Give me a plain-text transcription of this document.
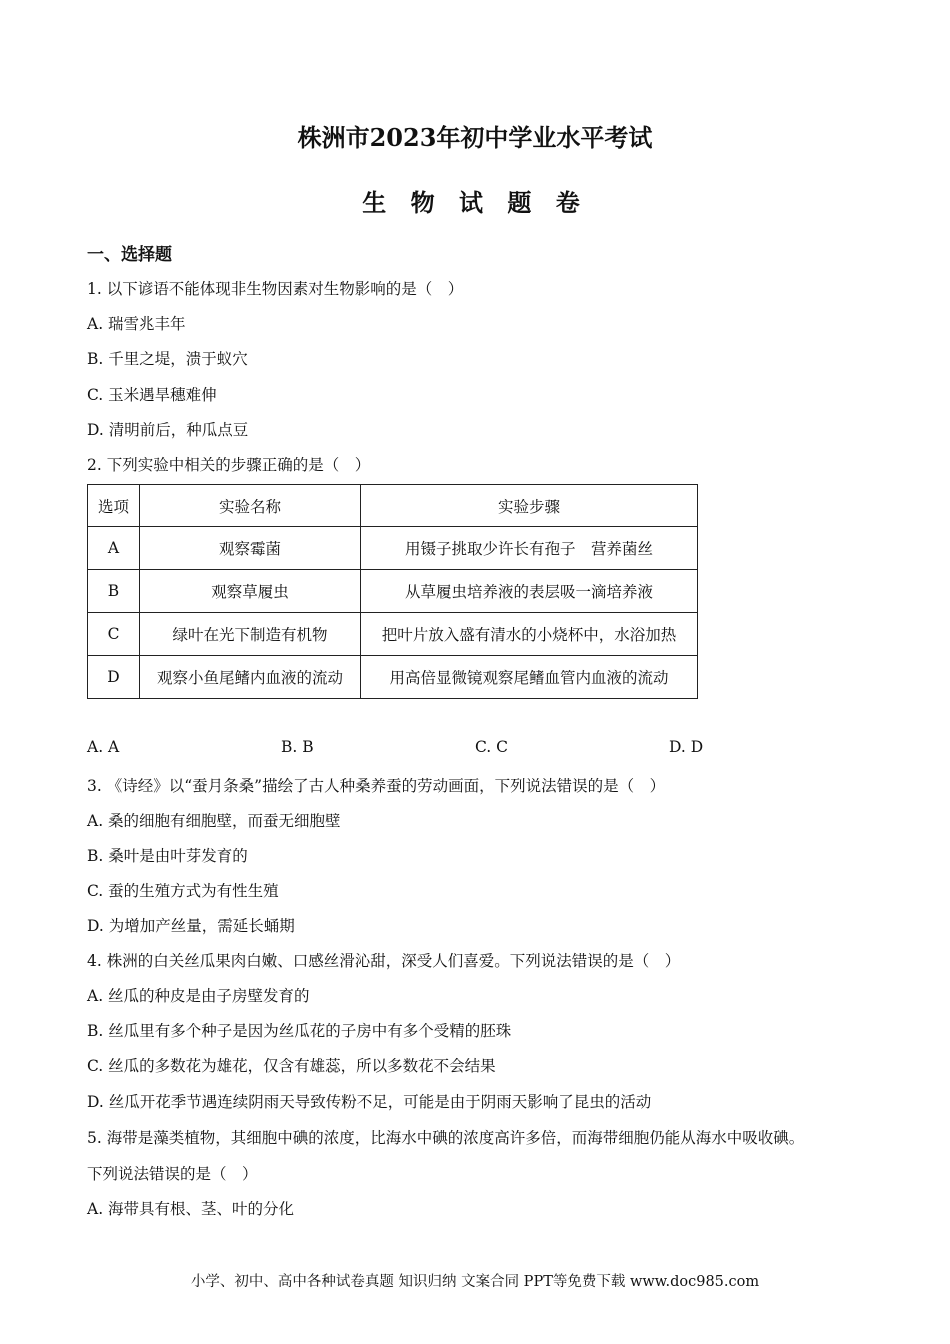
株洲市2023年初中学业水平考试
生 物 试 题 卷
一、选择题
1. 以下谚语不能体现非生物因素对生物影响的是（　）
A. 瑞雪兆丰年
B. 千里之堤，溃于蚁穴
C. 玉米遇旱穗难伸
D. 清明前后，种瓜点豆
2. 下列实验中相关的步骤正确的是（　）
选项	实验名称	实验步骤
A	观察霉菌	用镊子挑取少许长有孢子　营养菌丝
B	观察草履虫	从草履虫培养液的表层吸一滴培养液
C	绿叶在光下制造有机物	把叶片放入盛有清水的小烧杯中，水浴加热
D	观察小鱼尾鳍内血液的流动	用高倍显微镜观察尾鳍血管内血液的流动
A. A	B. B	C. C	D. D
3. 《诗经》以“蚕月条桑”描绘了古人种桑养蚕的劳动画面，下列说法错误的是（　）
A. 桑的细胞有细胞壁，而蚕无细胞壁
B. 桑叶是由叶芽发育的
C. 蚕的生殖方式为有性生殖
D. 为增加产丝量，需延长蛹期
4. 株洲的白关丝瓜果肉白嫩、口感丝滑沁甜，深受人们喜爱。下列说法错误的是（　）
A. 丝瓜的种皮是由子房壁发育的
B. 丝瓜里有多个种子是因为丝瓜花的子房中有多个受精的胚珠
C. 丝瓜的多数花为雄花，仅含有雄蕊，所以多数花不会结果
D. 丝瓜开花季节遇连续阴雨天导致传粉不足，可能是由于阴雨天影响了昆虫的活动
5. 海带是藻类植物，其细胞中碘的浓度，比海水中碘的浓度高许多倍，而海带细胞仍能从海水中吸收碘。
下列说法错误的是（　）
A. 海带具有根、茎、叶的分化
小学、初中、高中各种试卷真题 知识归纳 文案合同 PPT等免费下载 www.doc985.com
